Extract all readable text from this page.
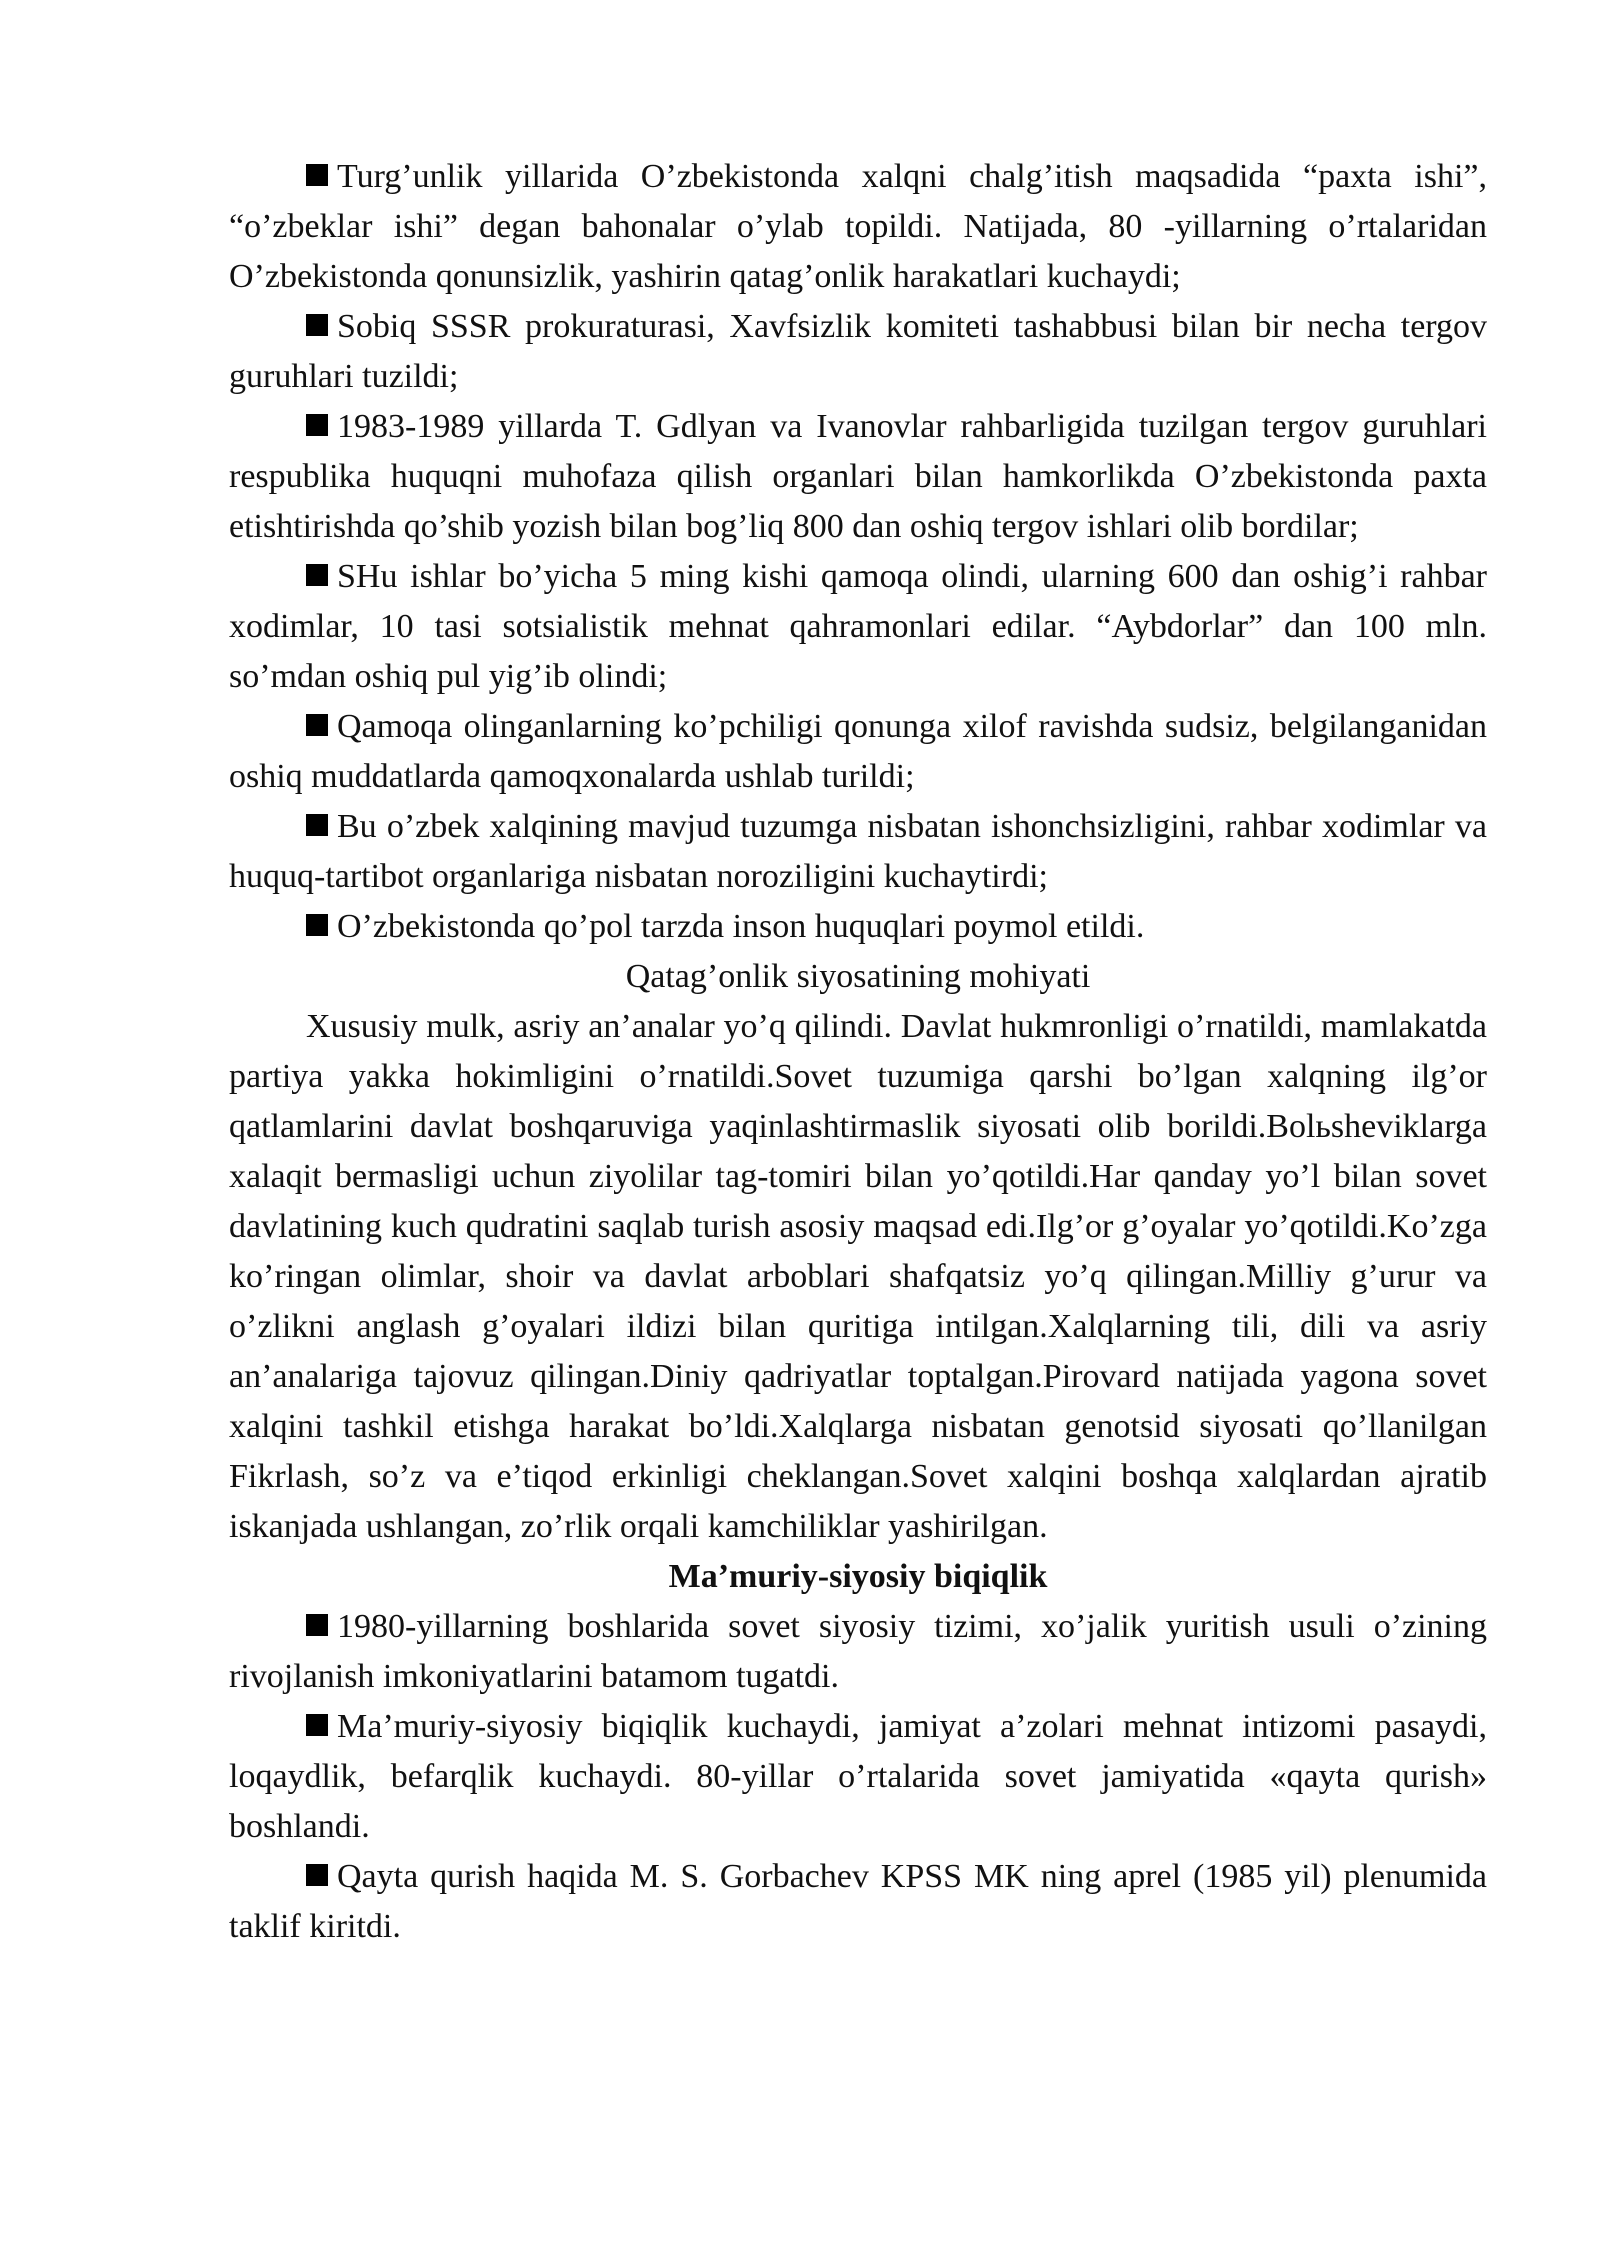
Turg’unlik yillarida O’zbekistonda xalqni chalg’itish maqsadida “paxta ishi”, “o’zbeklar ishi” degan bahonalar o’ylab topildi. Natijada, 80 -yillarning o’rtalaridan O’zbekistonda qonunsizlik, yashirin qatag’onlik harakatlari kuchaydi;

Sobiq SSSR prokuraturasi, Xavfsizlik komiteti tashabbusi bilan bir necha tergov guruhlari tuzildi;

1983-1989 yillarda T. Gdlyan va Ivanovlar rahbarligida tuzilgan tergov guruhlari respublika huquqni muhofaza qilish organlari bilan hamkorlikda O’zbekistonda paxta etishtirishda qo’shib yozish bilan bog’liq 800 dan oshiq tergov ishlari olib bordilar;

SHu ishlar bo’yicha 5 ming kishi qamoqa olindi, ularning 600 dan oshig’i rahbar xodimlar, 10 tasi sotsialistik mehnat qahramonlari edilar. “Aybdorlar” dan 100 mln. so’mdan oshiq pul yig’ib olindi;

Qamoqa olinganlarning ko’pchiligi qonunga xilof ravishda sudsiz, belgilanganidan oshiq muddatlarda qamoqxonalarda ushlab turildi;

Bu o’zbek xalqining mavjud tuzumga nisbatan ishonchsizligini, rahbar xodimlar va huquq-tartibot organlariga nisbatan noroziligini kuchaytirdi;

O’zbekistonda qo’pol tarzda inson huquqlari poymol etildi.

Qatag’onlik siyosatining mohiyati

Xususiy mulk, asriy an’analar yo’q qilindi. Davlat hukmronligi o’rnatildi, mamlakatda partiya yakka hokimligini o’rnatildi.Sovet tuzumiga qarshi bo’lgan xalqning ilg’or qatlamlarini davlat boshqaruviga yaqinlashtirmaslik siyosati olib borildi.Bolьsheviklarga xalaqit bermasligi uchun ziyolilar tag-tomiri bilan yo’qotildi.Har qanday yo’l bilan sovet davlatining kuch qudratini saqlab turish asosiy maqsad edi.Ilg’or g’oyalar yo’qotildi.Ko’zga ko’ringan olimlar, shoir va davlat arboblari shafqatsiz yo’q qilingan.Milliy g’urur va o’zlikni anglash g’oyalari ildizi bilan quritiga intilgan.Xalqlarning tili, dili va asriy an’analariga tajovuz qilingan.Diniy qadriyatlar toptalgan.Pirovard natijada yagona sovet xalqini tashkil etishga harakat bo’ldi.Xalqlarga nisbatan genotsid siyosati qo’llanilgan Fikrlash, so’z va e’tiqod erkinligi cheklangan.Sovet xalqini boshqa xalqlardan ajratib iskanjada ushlangan, zo’rlik orqali kamchiliklar yashirilgan.

Ma’muriy-siyosiy biqiqlik

1980-yillarning boshlarida sovet siyosiy tizimi, xo’jalik yuritish usuli o’zining rivojlanish imkoniyatlarini batamom tugatdi.

Ma’muriy-siyosiy biqiqlik kuchaydi, jamiyat a’zolari mehnat intizomi pasaydi, loqaydlik, befarqlik kuchaydi. 80-yillar o’rtalarida sovet jamiyatida «qayta qurish» boshlandi.

Qayta qurish haqida M. S. Gorbachev KPSS MK ning aprel (1985 yil) plenumida taklif kiritdi.
